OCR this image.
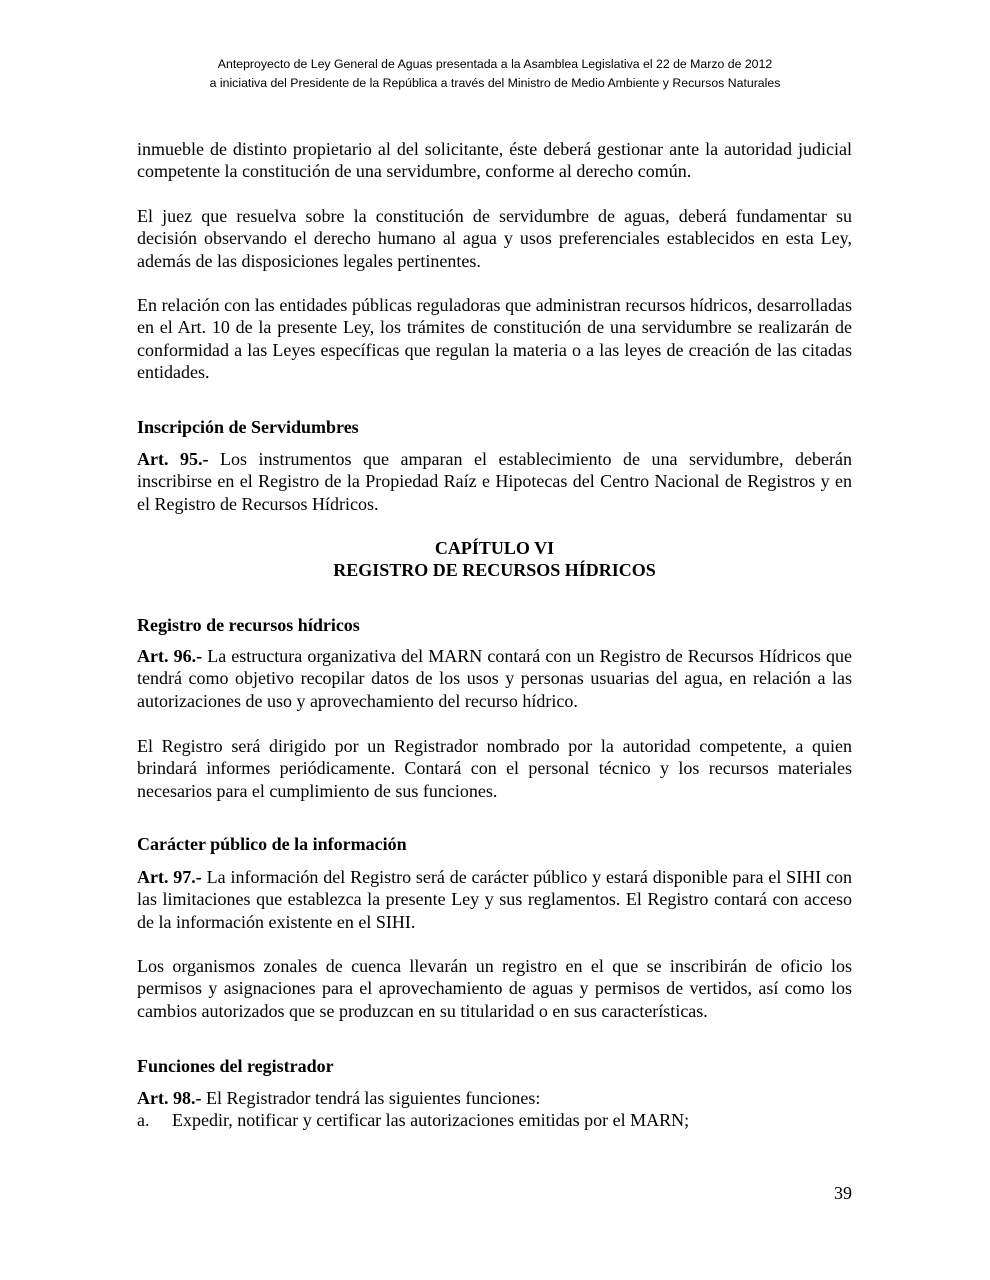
Anteproyecto de Ley General de Aguas presentada a la Asamblea Legislativa el 22 de Marzo de 2012
a iniciativa del Presidente de la República a través del Ministro de Medio Ambiente y Recursos Naturales

inmueble de distinto propietario al del solicitante, éste deberá gestionar ante la autoridad judicial competente la constitución de una servidumbre, conforme al derecho común.

El juez que resuelva sobre la constitución de servidumbre de aguas, deberá fundamentar su decisión observando el derecho humano al agua y usos preferenciales establecidos en esta Ley, además de las disposiciones legales pertinentes.

En relación con las entidades públicas reguladoras que administran recursos hídricos, desarrolladas en el Art. 10 de la presente Ley, los trámites de constitución de una servidumbre se realizarán de conformidad a las Leyes específicas que regulan la materia o a las leyes de creación de las citadas entidades.

Inscripción de Servidumbres

Art. 95.- Los instrumentos que amparan el establecimiento de una servidumbre, deberán inscribirse en el Registro de la Propiedad Raíz e Hipotecas del Centro Nacional de Registros y en el Registro de Recursos Hídricos.

CAPÍTULO VI
REGISTRO DE RECURSOS HÍDRICOS
Registro de recursos hídricos

Art. 96.- La estructura organizativa del MARN contará con un Registro de Recursos Hídricos que tendrá como objetivo recopilar datos de los usos y personas usuarias del agua, en relación a las autorizaciones de uso y aprovechamiento del recurso hídrico.

El Registro será dirigido por un Registrador nombrado por la autoridad competente, a quien brindará informes periódicamente. Contará con el personal técnico y los recursos materiales necesarios para el cumplimiento de sus funciones.

Carácter público de la información

Art. 97.- La información del Registro será de carácter público y estará disponible para el SIHI con las limitaciones que establezca la presente Ley y sus reglamentos. El Registro contará con acceso de la información existente en el SIHI.

Los organismos zonales de cuenca llevarán un registro en el que se inscribirán de oficio los permisos y asignaciones para el aprovechamiento de aguas y permisos de vertidos, así como los cambios autorizados que se produzcan en su titularidad o en sus características.

Funciones del registrador

Art. 98.- El Registrador tendrá las siguientes funciones:

a. Expedir, notificar y certificar las autorizaciones emitidas por el MARN;
39
